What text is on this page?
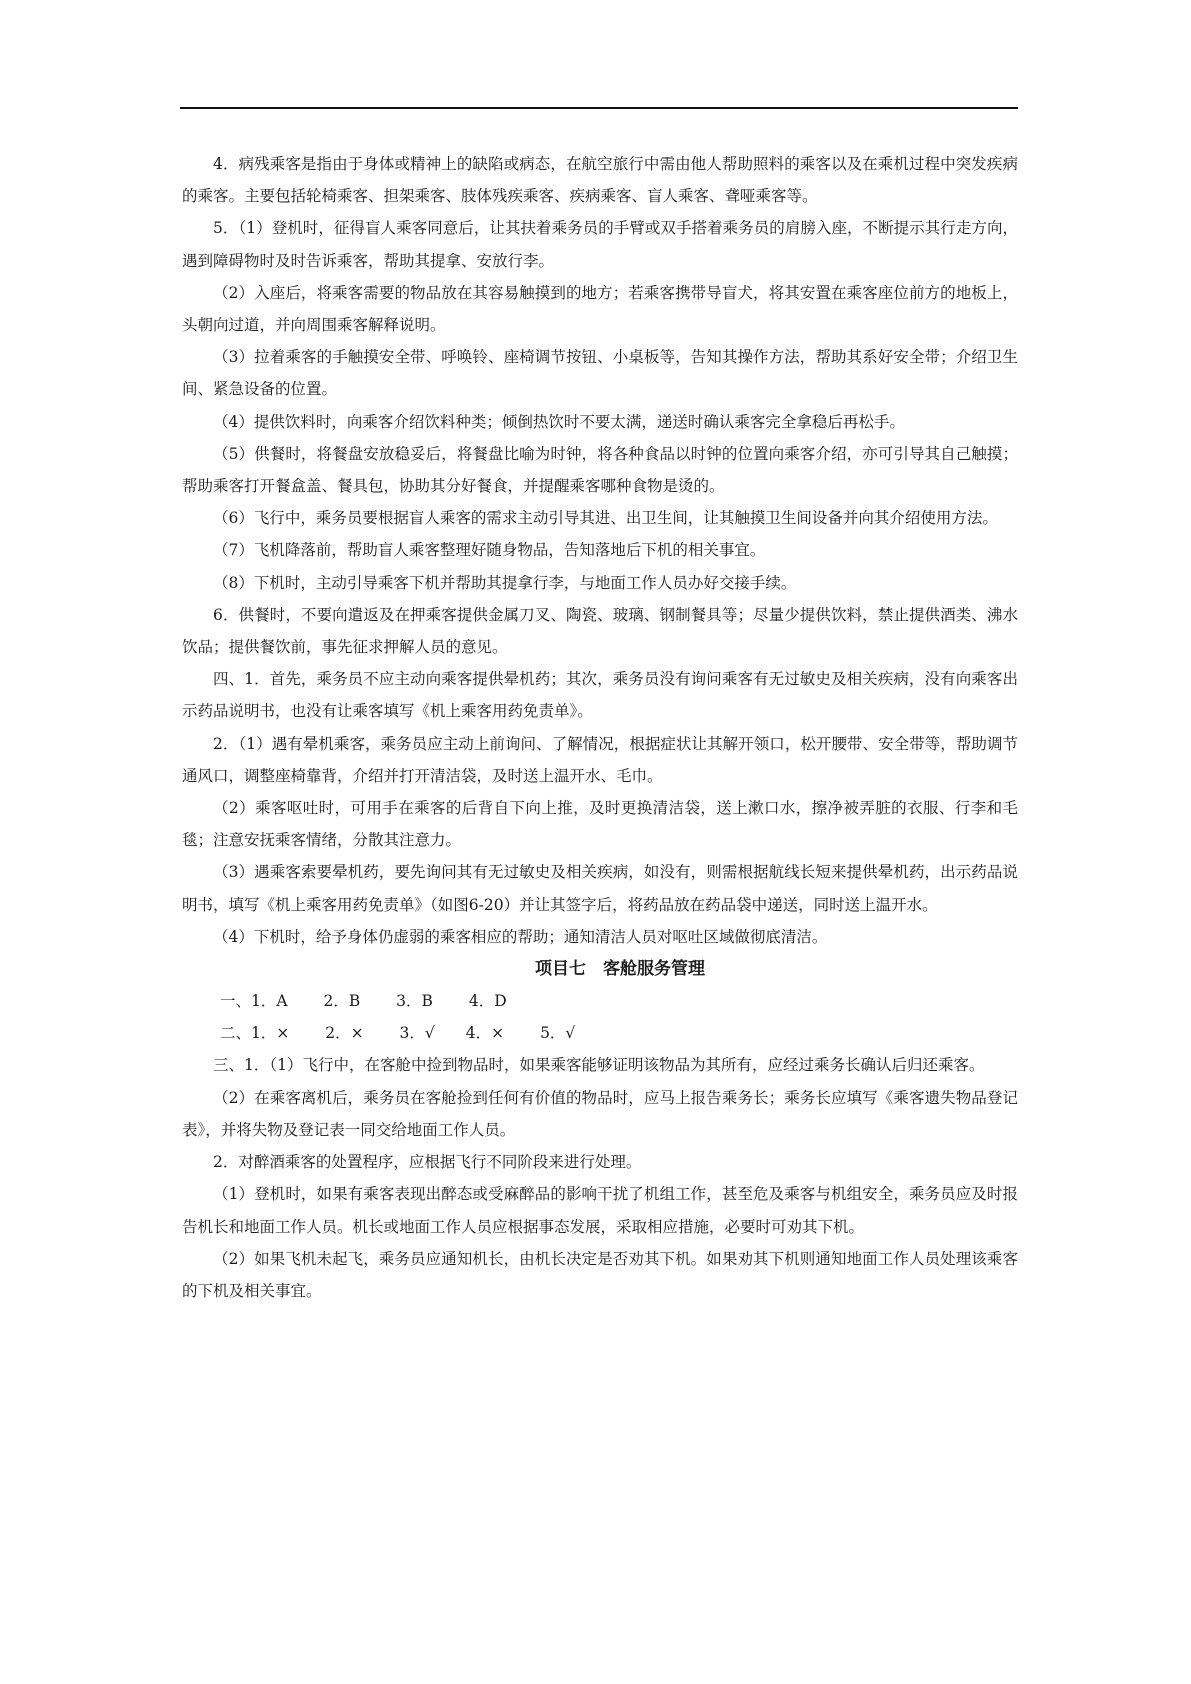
4．病残乘客是指由于身体或精神上的缺陷或病态，在航空旅行中需由他人帮助照料的乘客以及在乘机过程中突发疾病的乘客。主要包括轮椅乘客、担架乘客、肢体残疾乘客、疾病乘客、盲人乘客、聋哑乘客等。

5．（1）登机时，征得盲人乘客同意后，让其扶着乘务员的手臂或双手搭着乘务员的肩膀入座，不断提示其行走方向，遇到障碍物时及时告诉乘客，帮助其提拿、安放行李。

（2）入座后，将乘客需要的物品放在其容易触摸到的地方；若乘客携带导盲犬，将其安置在乘客座位前方的地板上，头朝向过道，并向周围乘客解释说明。

（3）拉着乘客的手触摸安全带、呼唤铃、座椅调节按钮、小桌板等，告知其操作方法，帮助其系好安全带；介绍卫生间、紧急设备的位置。

（4）提供饮料时，向乘客介绍饮料种类；倾倒热饮时不要太满，递送时确认乘客完全拿稳后再松手。

（5）供餐时，将餐盘安放稳妥后，将餐盘比喻为时钟，将各种食品以时钟的位置向乘客介绍，亦可引导其自己触摸；帮助乘客打开餐盒盖、餐具包，协助其分好餐食，并提醒乘客哪种食物是烫的。

（6）飞行中，乘务员要根据盲人乘客的需求主动引导其进、出卫生间，让其触摸卫生间设备并向其介绍使用方法。

（7）飞机降落前，帮助盲人乘客整理好随身物品，告知落地后下机的相关事宜。

（8）下机时，主动引导乘客下机并帮助其提拿行李，与地面工作人员办好交接手续。

6．供餐时，不要向遣返及在押乘客提供金属刀叉、陶瓷、玻璃、钢制餐具等；尽量少提供饮料，禁止提供酒类、沸水饮品；提供餐饮前，事先征求押解人员的意见。

四、1．首先，乘务员不应主动向乘客提供晕机药；其次，乘务员没有询问乘客有无过敏史及相关疾病，没有向乘客出示药品说明书，也没有让乘客填写《机上乘客用药免责单》。

2．（1）遇有晕机乘客，乘务员应主动上前询问、了解情况，根据症状让其解开领口，松开腰带、安全带等，帮助调节通风口，调整座椅靠背，介绍并打开清洁袋，及时送上温开水、毛巾。

（2）乘客呕吐时，可用手在乘客的后背自下向上推，及时更换清洁袋，送上漱口水，擦净被弄脏的衣服、行李和毛毯；注意安抚乘客情绪，分散其注意力。

（3）遇乘客索要晕机药，要先询问其有无过敏史及相关疾病，如没有，则需根据航线长短来提供晕机药，出示药品说明书，填写《机上乘客用药免责单》（如图6-20）并让其签字后，将药品放在药品袋中递送，同时送上温开水。

（4）下机时，给予身体仍虚弱的乘客相应的帮助；通知清洁人员对呕吐区域做彻底清洁。

项目七　客舱服务管理

一、1．A　　 2．B　　 3．B　　 4．D

二、1．×　　 2．×　　 3．√　　4．×　　 5．√

三、1．（1）飞行中，在客舱中捡到物品时，如果乘客能够证明该物品为其所有，应经过乘务长确认后归还乘客。

（2）在乘客离机后，乘务员在客舱捡到任何有价值的物品时，应马上报告乘务长；乘务长应填写《乘客遗失物品登记表》，并将失物及登记表一同交给地面工作人员。

2．对醉酒乘客的处置程序，应根据飞行不同阶段来进行处理。

（1）登机时，如果有乘客表现出醉态或受麻醉品的影响干扰了机组工作，甚至危及乘客与机组安全，乘务员应及时报告机长和地面工作人员。机长或地面工作人员应根据事态发展，采取相应措施，必要时可劝其下机。

（2）如果飞机未起飞，乘务员应通知机长，由机长决定是否劝其下机。如果劝其下机则通知地面工作人员处理该乘客的下机及相关事宜。
